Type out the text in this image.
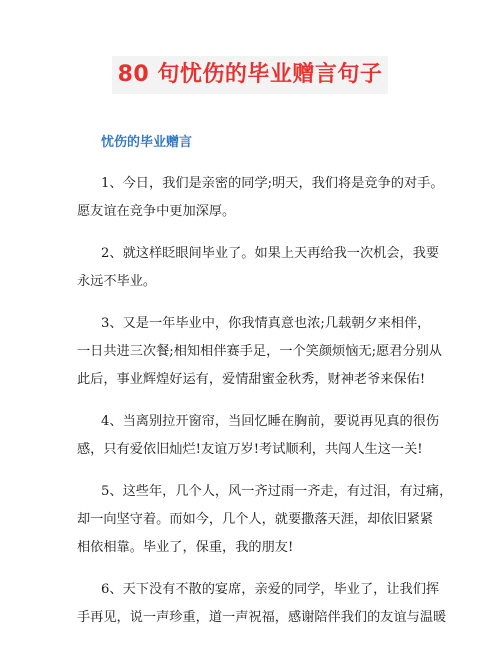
80 句忧伤的毕业赠言句子
忧伤的毕业赠言

1、今日，我们是亲密的同学;明天，我们将是竞争的对手。
愿友谊在竞争中更加深厚。

2、就这样眨眼间毕业了。如果上天再给我一次机会，我要
永远不毕业。

3、又是一年毕业中，你我情真意也浓;几载朝夕来相伴，
一日共进三次餐;相知相伴赛手足，一个笑颜烦恼无;愿君分别从
此后，事业辉煌好运有，爱情甜蜜金秋秀，财神老爷来保佑!

4、当离别拉开窗帘，当回忆睡在胸前，要说再见真的很伤
感，只有爱依旧灿烂!友谊万岁!考试顺利，共闯人生这一关!

5、这些年，几个人，风一齐过雨一齐走，有过泪，有过痛，
却一向坚守着。而如今，几个人，就要撒落天涯，却依旧紧紧
相依相靠。毕业了，保重，我的朋友!

6、天下没有不散的宴席，亲爱的同学，毕业了，让我们挥
手再见，说一声珍重，道一声祝福，感谢陪伴我们的友谊与温暖
